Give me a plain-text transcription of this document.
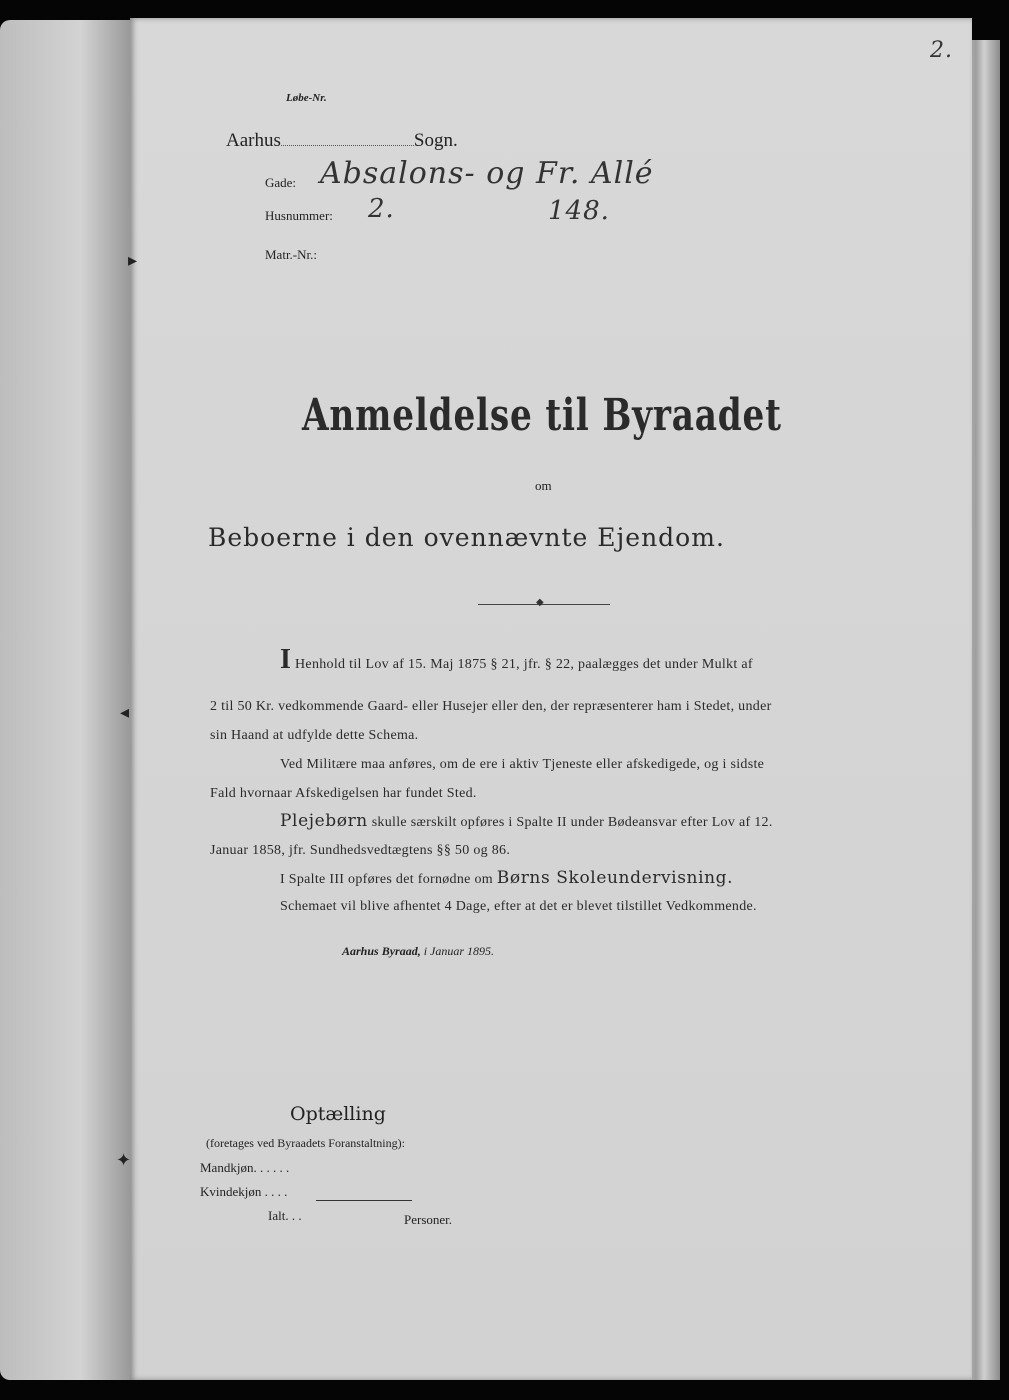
2.
Løbe-Nr.
Aarhus	Sogn.
Gade: Absalons- og Fr. Allé
Husnummer: 2.	148.
Matr.-Nr.:
Anmeldelse til Byraadet
om
Beboerne i den ovennævnte Ejendom.
◆
I Henhold til Lov af 15. Maj 1875 § 21, jfr. § 22, paalægges det under Mulkt af
2 til 50 Kr. vedkommende Gaard- eller Husejer eller den, der repræsenterer ham i Stedet, under
sin Haand at udfylde dette Schema.
Ved Militære maa anføres, om de ere i aktiv Tjeneste eller afskedigede, og i sidste
Fald hvornaar Afskedigelsen har fundet Sted.
Plejebørn skulle særskilt opføres i Spalte II under Bødeansvar efter Lov af 12.
Januar 1858, jfr. Sundhedsvedtægtens §§ 50 og 86.
I Spalte III opføres det fornødne om Børns Skoleundervisning.
Schemaet vil blive afhentet 4 Dage, efter at det er blevet tilstillet Vedkommende.
Aarhus Byraad, i Januar 1895.
Optælling
(foretages ved Byraadets Foranstaltning):
Mandkjøn. . . . . .
Kvindekjøn . . . .
Ialt. . .	Personer.
▸
◂
✦
